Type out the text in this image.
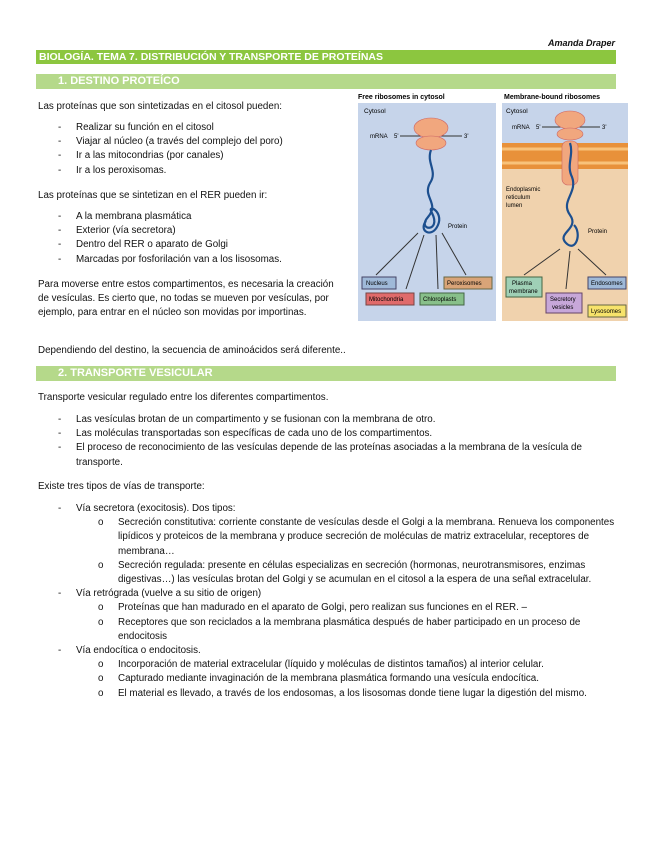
Amanda Draper
BIOLOGÍA. TEMA 7. DISTRIBUCIÓN Y TRANSPORTE DE PROTEÍNAS
1. DESTINO PROTEÍCO
Las proteínas que son sintetizadas en el citosol pueden:
- Realizar su función en el citosol
- Viajar al núcleo (a través del complejo del poro)
- Ir a las mitocondrias (por canales)
- Ir a los peroxisomas.
Las proteínas que se sintetizan en el RER pueden ir:
- A la membrana plasmática
- Exterior (vía secretora)
- Dentro del RER o aparato de Golgi
- Marcadas por fosforilación van a los lisosomas.
Para moverse entre estos compartimentos, es necesaria la creación de vesículas. Es cierto que, no todas se mueven por vesículas, por ejemplo, para entrar en el núcleo son movidas por importinas.
Free ribosomes in cytosol	Membrane-bound ribosomes
Cytosol
mRNA 5'	3'
Protein
Nucleus	Peroxisomes
Mitochondria	Chloroplasts
Cytosol
mRNA 5'	3'
Endoplasmic
reticulum
lumen
Protein
Plasma
membrane
Endosomes
Secretory
vesicles
Lysosomes
Dependiendo del destino, la secuencia de aminoácidos será diferente..
2. TRANSPORTE VESICULAR
Transporte vesicular regulado entre los diferentes compartimentos.
- Las vesículas brotan de un compartimento y se fusionan con la membrana de otro.
- Las moléculas transportadas son específicas de cada uno de los compartimentos.
- El proceso de reconocimiento de las vesículas depende de las proteínas asociadas a la membrana de la vesícula de transporte.
Existe tres tipos de vías de transporte:
- Vía secretora (exocitosis). Dos tipos:
o Secreción constitutiva: corriente constante de vesículas desde el Golgi a la membrana. Renueva los componentes lipídicos y proteicos de la membrana y produce secreción de moléculas de matriz extracelular, receptores de membrana…
o Secreción regulada: presente en células especializas en secreción (hormonas, neurotransmisores, enzimas digestivas…) las vesículas brotan del Golgi y se acumulan en el citosol a la espera de una señal extracelular.
- Vía retrógrada (vuelve a su sitio de origen)
o Proteínas que han madurado en el aparato de Golgi, pero realizan sus funciones en el RER. –
o Receptores que son reciclados a la membrana plasmática después de haber participado en un proceso de endocitosis
- Vía endocítica o endocitosis.
o Incorporación de material extracelular (líquido y moléculas de distintos tamaños) al interior celular.
o Capturado mediante invaginación de la membrana plasmática formando una vesícula endocítica.
o El material es llevado, a través de los endosomas, a los lisosomas donde tiene lugar la digestión del mismo.
